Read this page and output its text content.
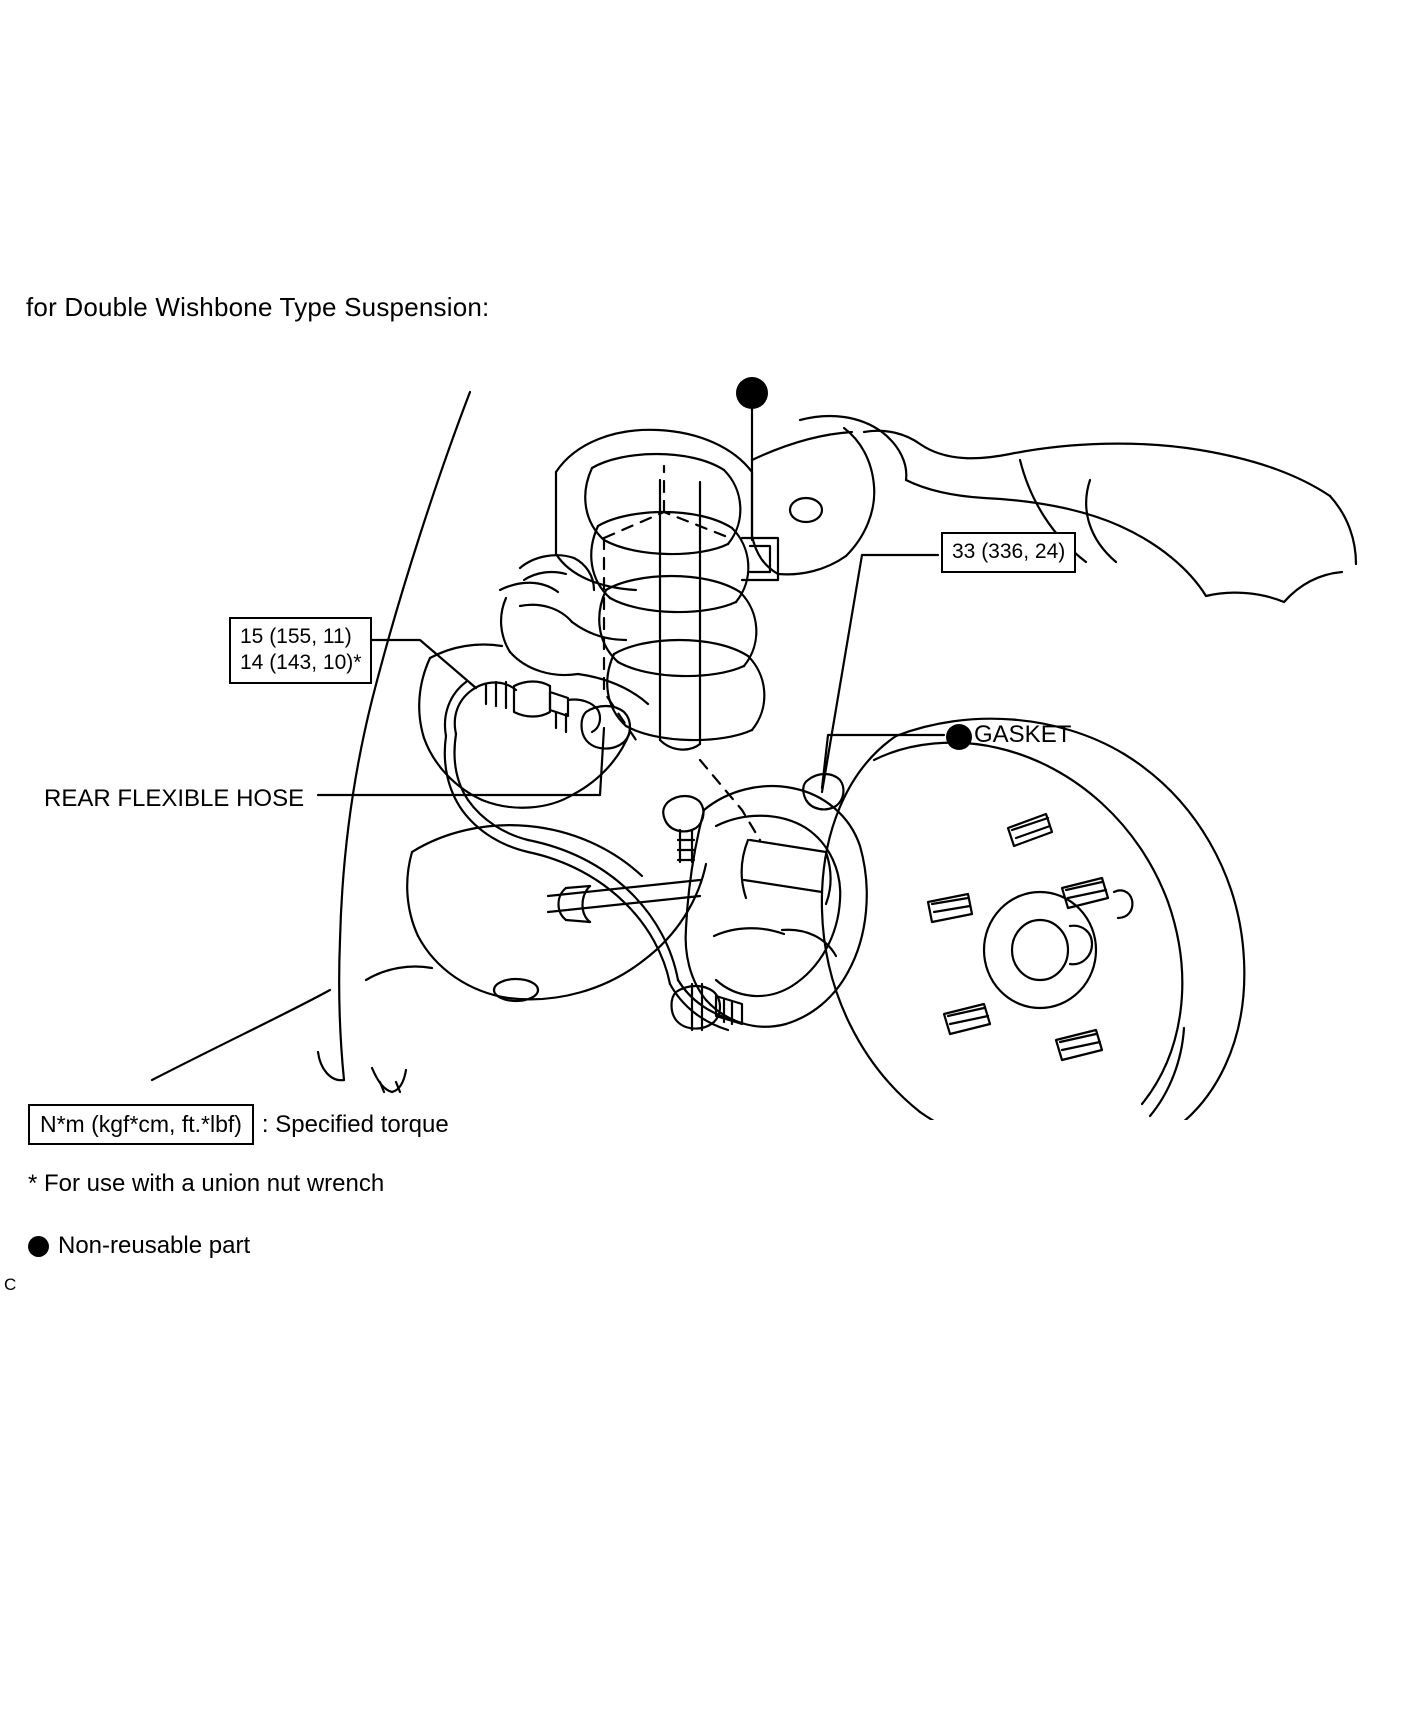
for Double Wishbone Type Suspension:
33 (336, 24)
15 (155, 11)
14 (143, 10)*
REAR FLEXIBLE HOSE
GASKET
N*m (kgf*cm, ft.*lbf) : Specified torque
* For use with a union nut wrench
Non-reusable part
C
